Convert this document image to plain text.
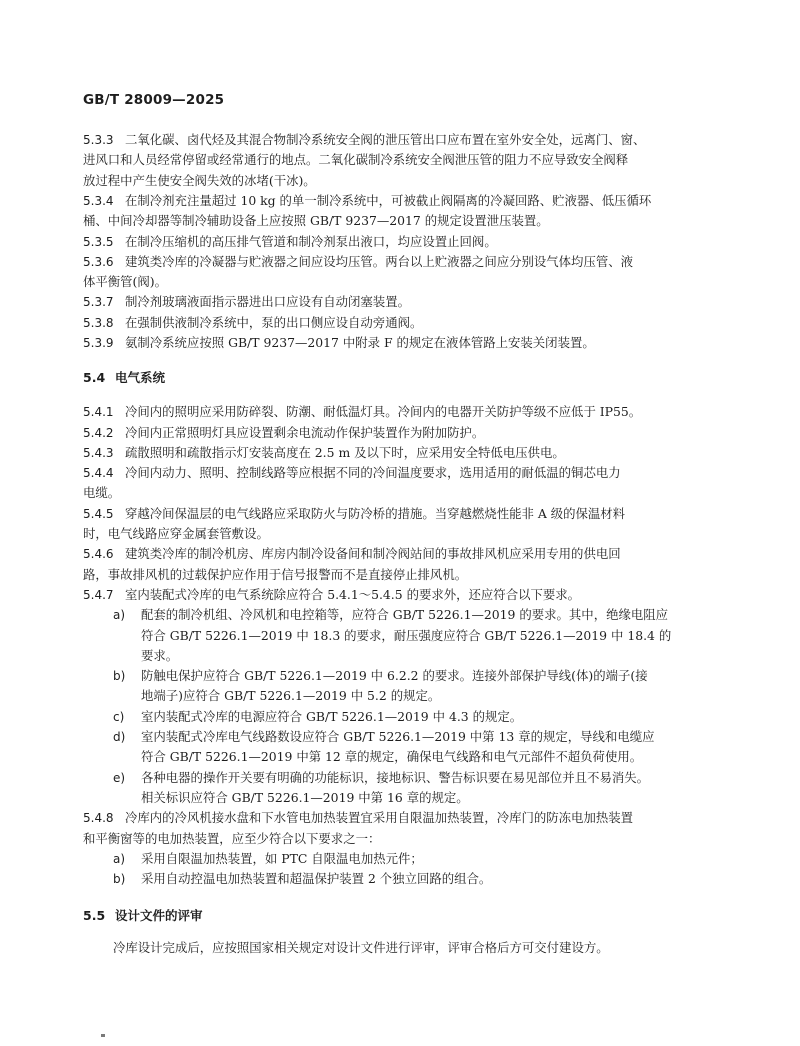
GB/T 28009—2025
5.3.3 二氧化碳、卤代烃及其混合物制冷系统安全阀的泄压管出口应布置在室外安全处，远离门、窗、
进风口和人员经常停留或经常通行的地点。二氧化碳制冷系统安全阀泄压管的阻力不应导致安全阀释
放过程中产生使安全阀失效的冰堵(干冰)。
5.3.4 在制冷剂充注量超过 10 kg 的单一制冷系统中，可被截止阀隔离的冷凝回路、贮液器、低压循环
桶、中间冷却器等制冷辅助设备上应按照 GB/T 9237—2017 的规定设置泄压装置。
5.3.5 在制冷压缩机的高压排气管道和制冷剂泵出液口，均应设置止回阀。
5.3.6 建筑类冷库的冷凝器与贮液器之间应设均压管。两台以上贮液器之间应分别设气体均压管、液
体平衡管(阀)。
5.3.7 制冷剂玻璃液面指示器进出口应设有自动闭塞装置。
5.3.8 在强制供液制冷系统中，泵的出口侧应设自动旁通阀。
5.3.9 氨制冷系统应按照 GB/T 9237—2017 中附录 F 的规定在液体管路上安装关闭装置。
5.4 电气系统
5.4.1 冷间内的照明应采用防碎裂、防潮、耐低温灯具。冷间内的电器开关防护等级不应低于 IP55。
5.4.2 冷间内正常照明灯具应设置剩余电流动作保护装置作为附加防护。
5.4.3 疏散照明和疏散指示灯安装高度在 2.5 m 及以下时，应采用安全特低电压供电。
5.4.4 冷间内动力、照明、控制线路等应根据不同的冷间温度要求，选用适用的耐低温的铜芯电力
电缆。
5.4.5 穿越冷间保温层的电气线路应采取防火与防冷桥的措施。当穿越燃烧性能非 A 级的保温材料
时，电气线路应穿金属套管敷设。
5.4.6 建筑类冷库的制冷机房、库房内制冷设备间和制冷阀站间的事故排风机应采用专用的供电回
路，事故排风机的过载保护应作用于信号报警而不是直接停止排风机。
5.4.7 室内装配式冷库的电气系统除应符合 5.4.1～5.4.5 的要求外，还应符合以下要求。
a) 配套的制冷机组、冷风机和电控箱等，应符合 GB/T 5226.1—2019 的要求。其中，绝缘电阻应
符合 GB/T 5226.1—2019 中 18.3 的要求，耐压强度应符合 GB/T 5226.1—2019 中 18.4 的
要求。
b) 防触电保护应符合 GB/T 5226.1—2019 中 6.2.2 的要求。连接外部保护导线(体)的端子(接
地端子)应符合 GB/T 5226.1—2019 中 5.2 的规定。
c) 室内装配式冷库的电源应符合 GB/T 5226.1—2019 中 4.3 的规定。
d) 室内装配式冷库电气线路数设应符合 GB/T 5226.1—2019 中第 13 章的规定，导线和电缆应
符合 GB/T 5226.1—2019 中第 12 章的规定，确保电气线路和电气元部件不超负荷使用。
e) 各种电器的操作开关要有明确的功能标识，接地标识、警告标识要在易见部位并且不易消失。
相关标识应符合 GB/T 5226.1—2019 中第 16 章的规定。
5.4.8 冷库内的冷风机接水盘和下水管电加热装置宜采用自限温加热装置，冷库门的防冻电加热装置
和平衡窗等的电加热装置，应至少符合以下要求之一：
a) 采用自限温加热装置，如 PTC 自限温电加热元件；
b) 采用自动控温电加热装置和超温保护装置 2 个独立回路的组合。
5.5 设计文件的评审
冷库设计完成后，应按照国家相关规定对设计文件进行评审，评审合格后方可交付建设方。
